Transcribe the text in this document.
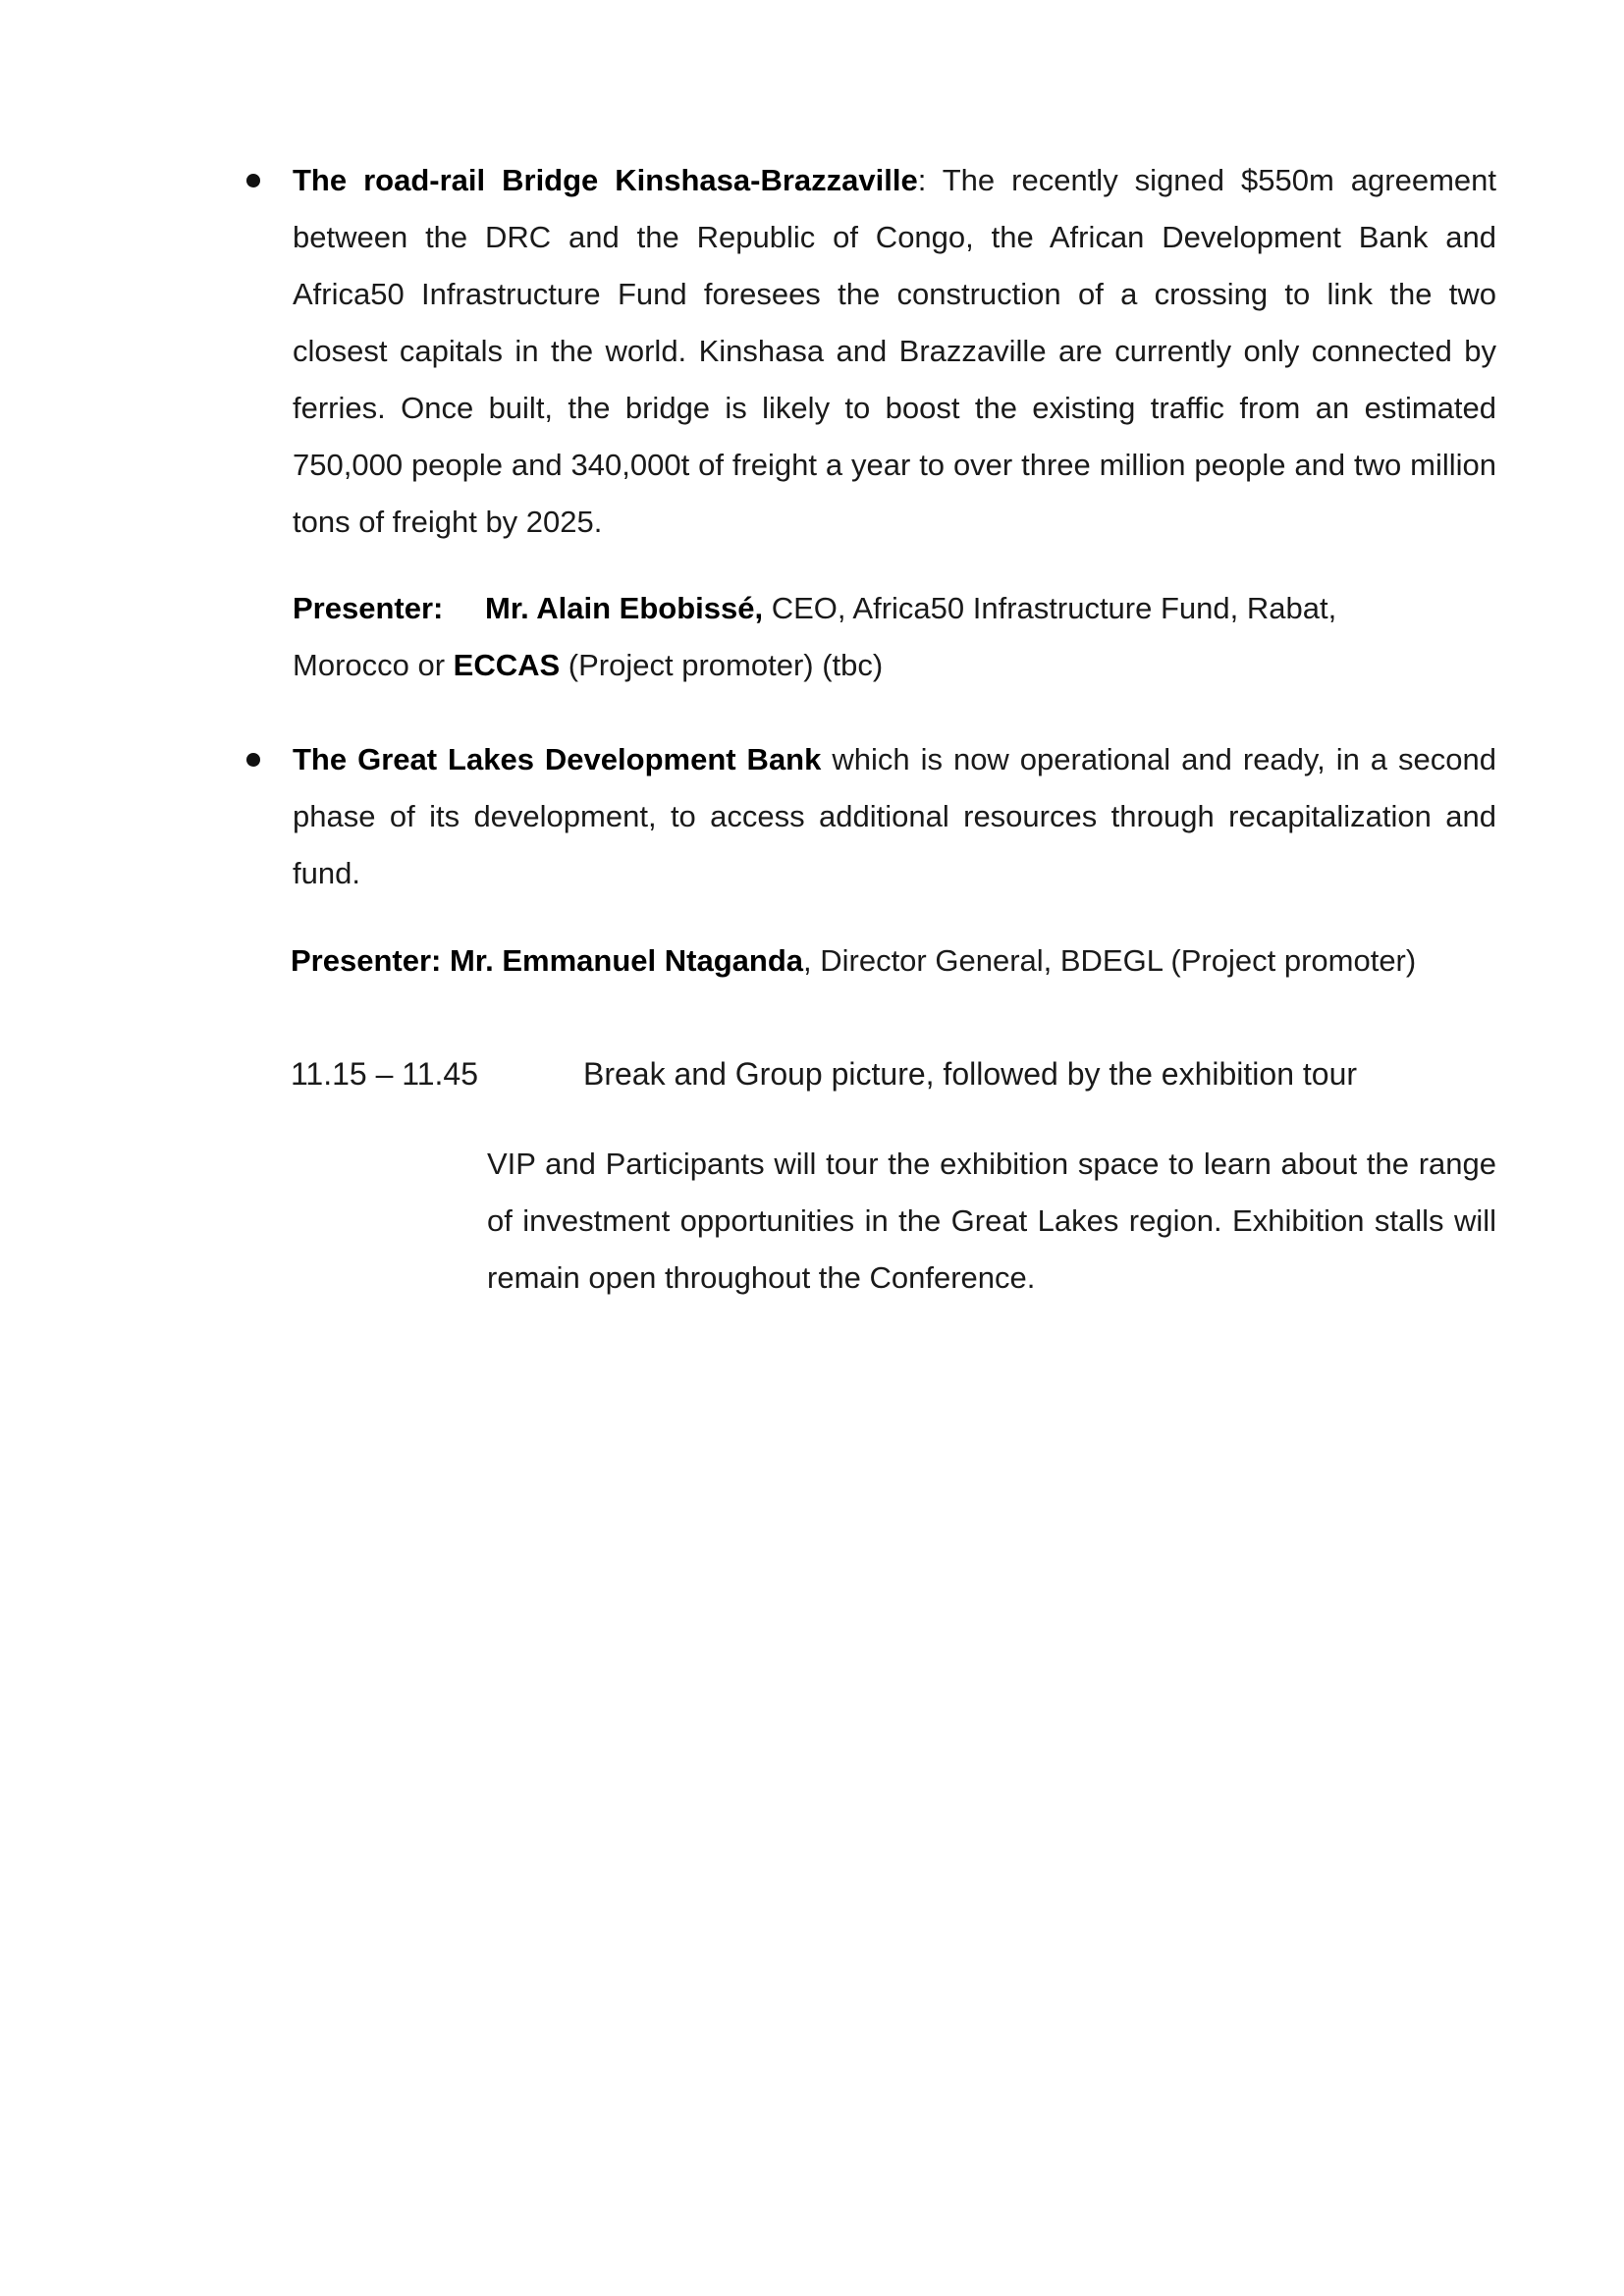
The road-rail Bridge Kinshasa-Brazzaville: The recently signed $550m agreement between the DRC and the Republic of Congo, the African Development Bank and Africa50 Infrastructure Fund foresees the construction of a crossing to link the two closest capitals in the world. Kinshasa and Brazzaville are currently only connected by ferries. Once built, the bridge is likely to boost the existing traffic from an estimated 750,000 people and 340,000t of freight a year to over three million people and two million tons of freight by 2025.

Presenter: Mr. Alain Ebobissé, CEO, Africa50 Infrastructure Fund, Rabat,
Morocco or ECCAS (Project promoter) (tbc)

The Great Lakes Development Bank which is now operational and ready, in a second phase of its development, to access additional resources through recapitalization and fund.

Presenter: Mr. Emmanuel Ntaganda, Director General, BDEGL (Project promoter)
11.15 – 11.45	Break and Group picture, followed by the exhibition tour

VIP and Participants will tour the exhibition space to learn about the range of investment opportunities in the Great Lakes region. Exhibition stalls will remain open throughout the Conference.
